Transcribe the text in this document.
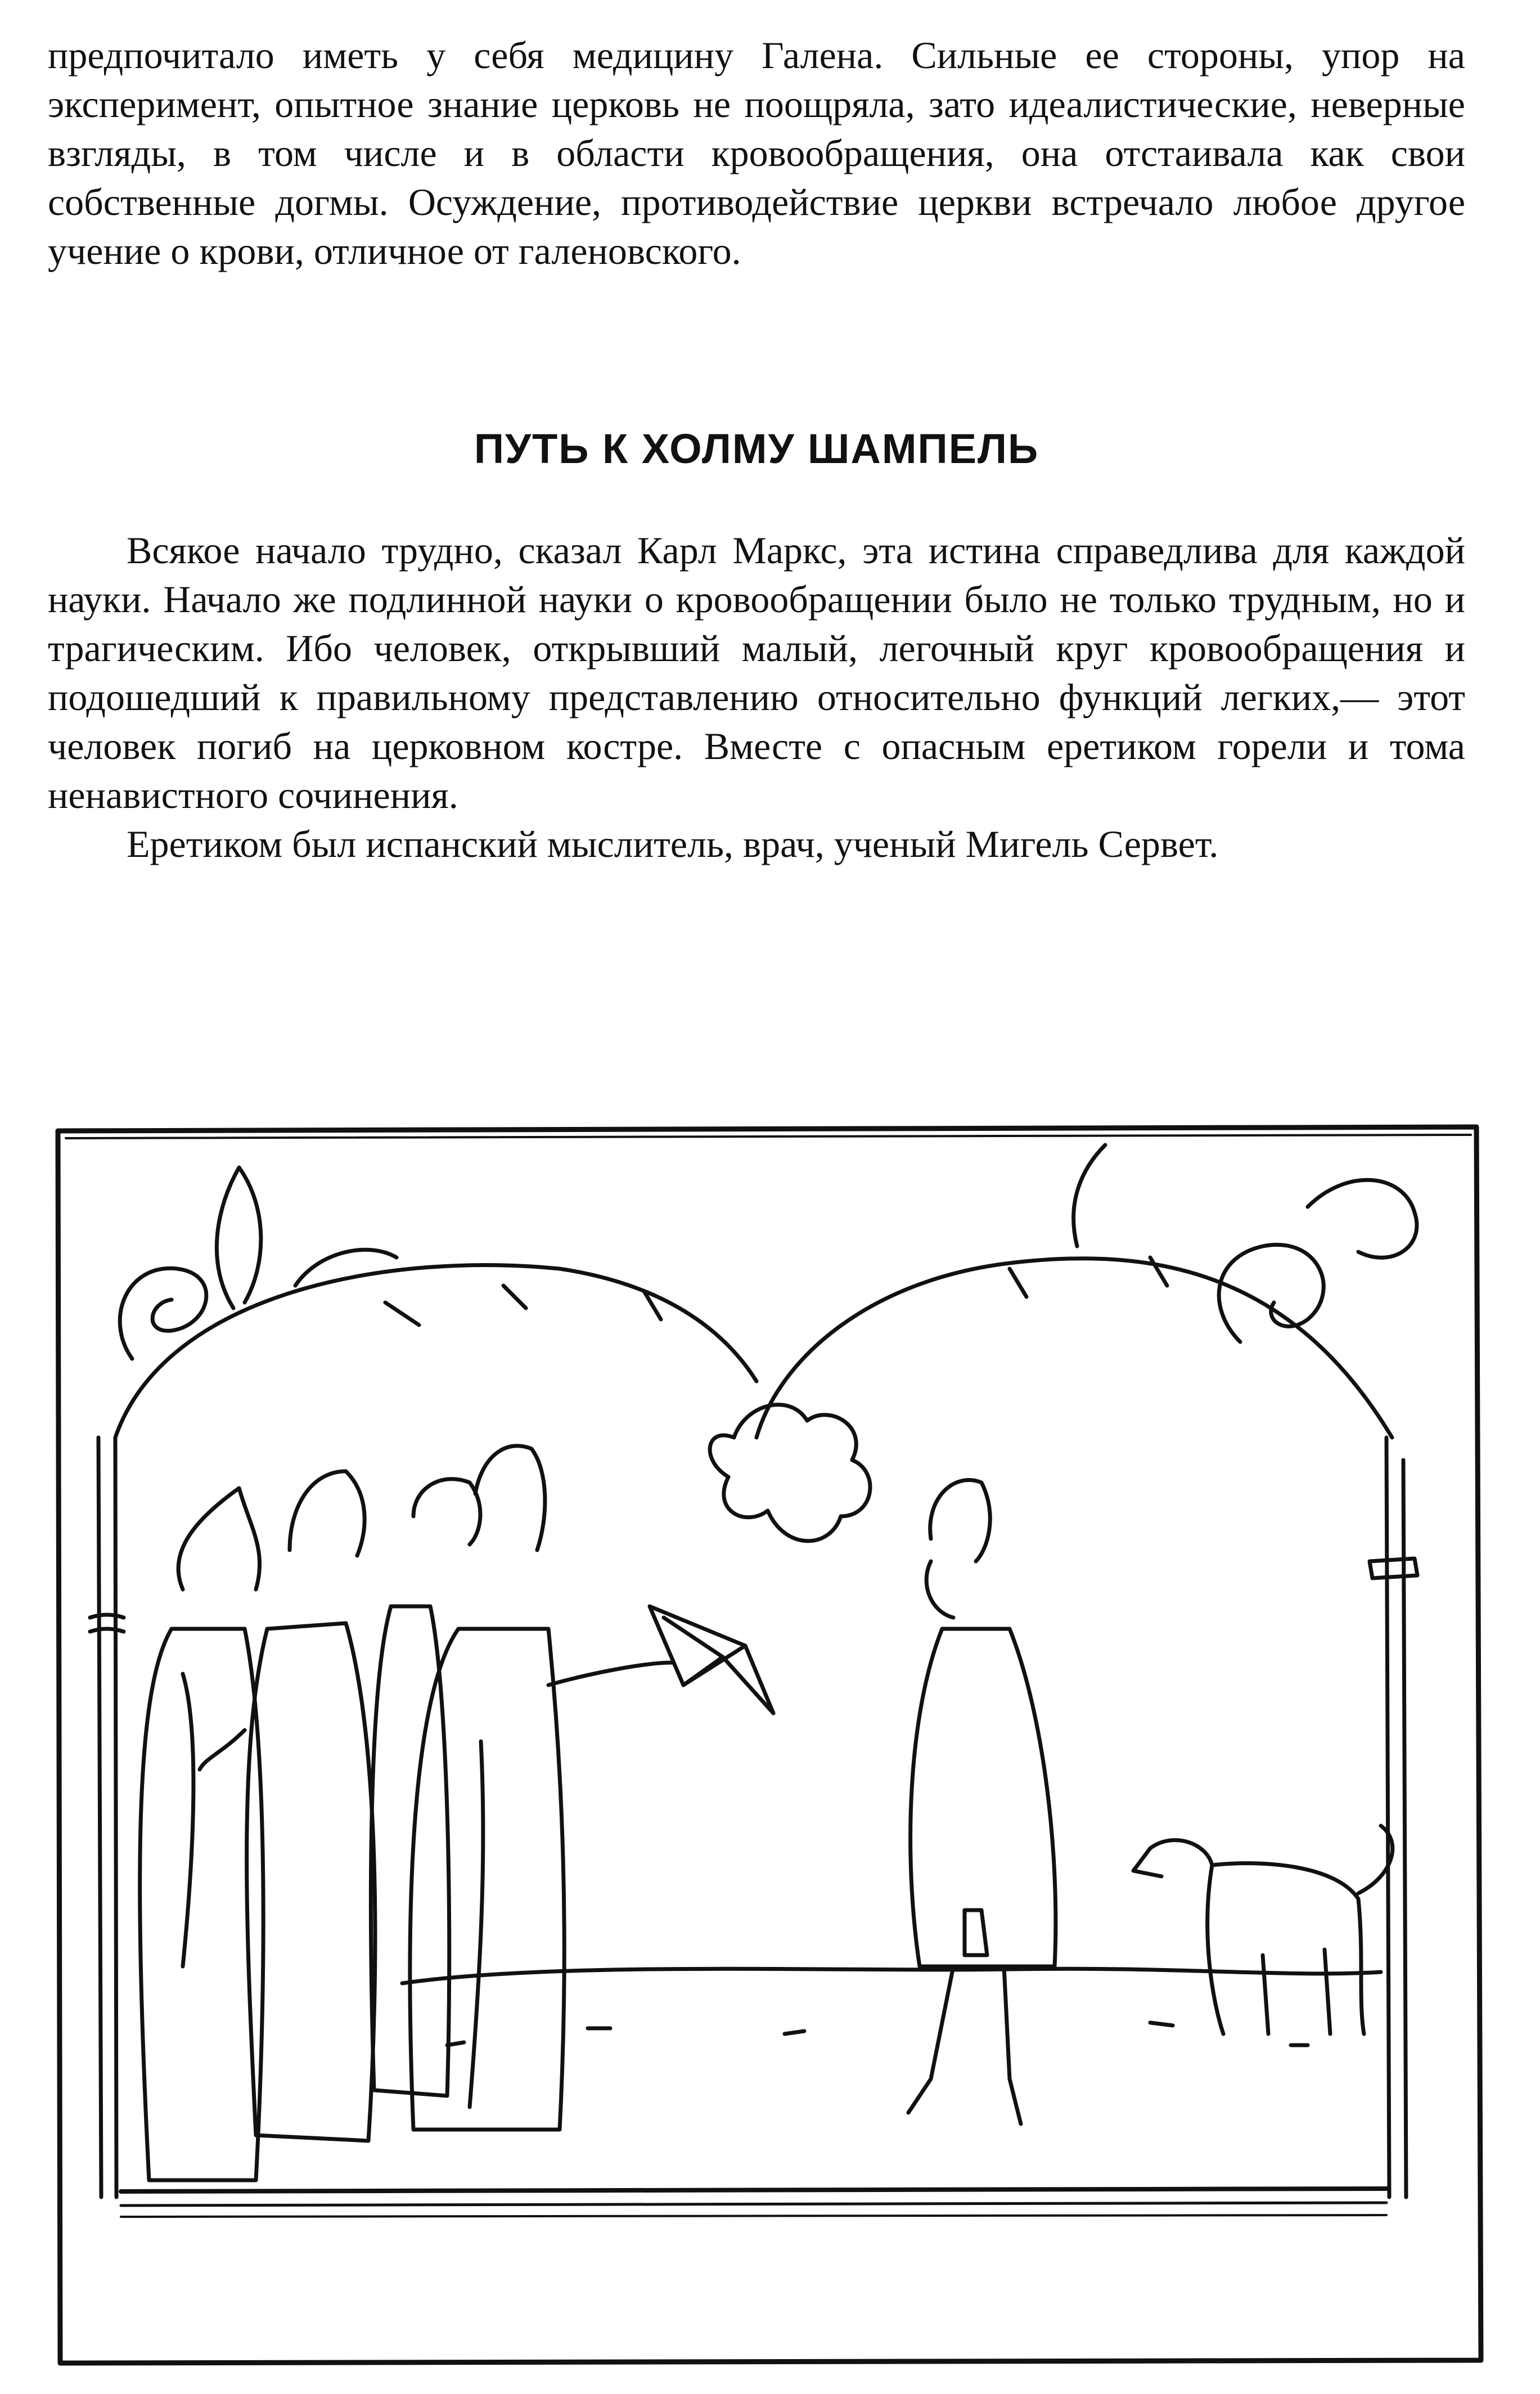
предпочитало иметь у себя медицину Галена. Сильные ее стороны, упор на эксперимент, опытное знание церковь не поощряла, зато идеалистические, неверные взгляды, в том числе и в области кровообращения, она отстаивала как свои собственные догмы. Осуждение, противодействие церкви встречало любое другое учение о крови, отличное от галеновского.

ПУТЬ К ХОЛМУ ШАМПЕЛЬ

Всякое начало трудно, сказал Карл Маркс, эта истина справедлива для каждой науки. Начало же подлинной науки о кровообращении было не только трудным, но и трагическим. Ибо человек, открывший малый, легочный круг кровообращения и подошедший к правильному представлению относительно функций легких,— этот человек погиб на церковном костре. Вместе с опасным еретиком горели и тома ненавистного сочинения.

Еретиком был испанский мыслитель, врач, ученый Мигель Сервет.
